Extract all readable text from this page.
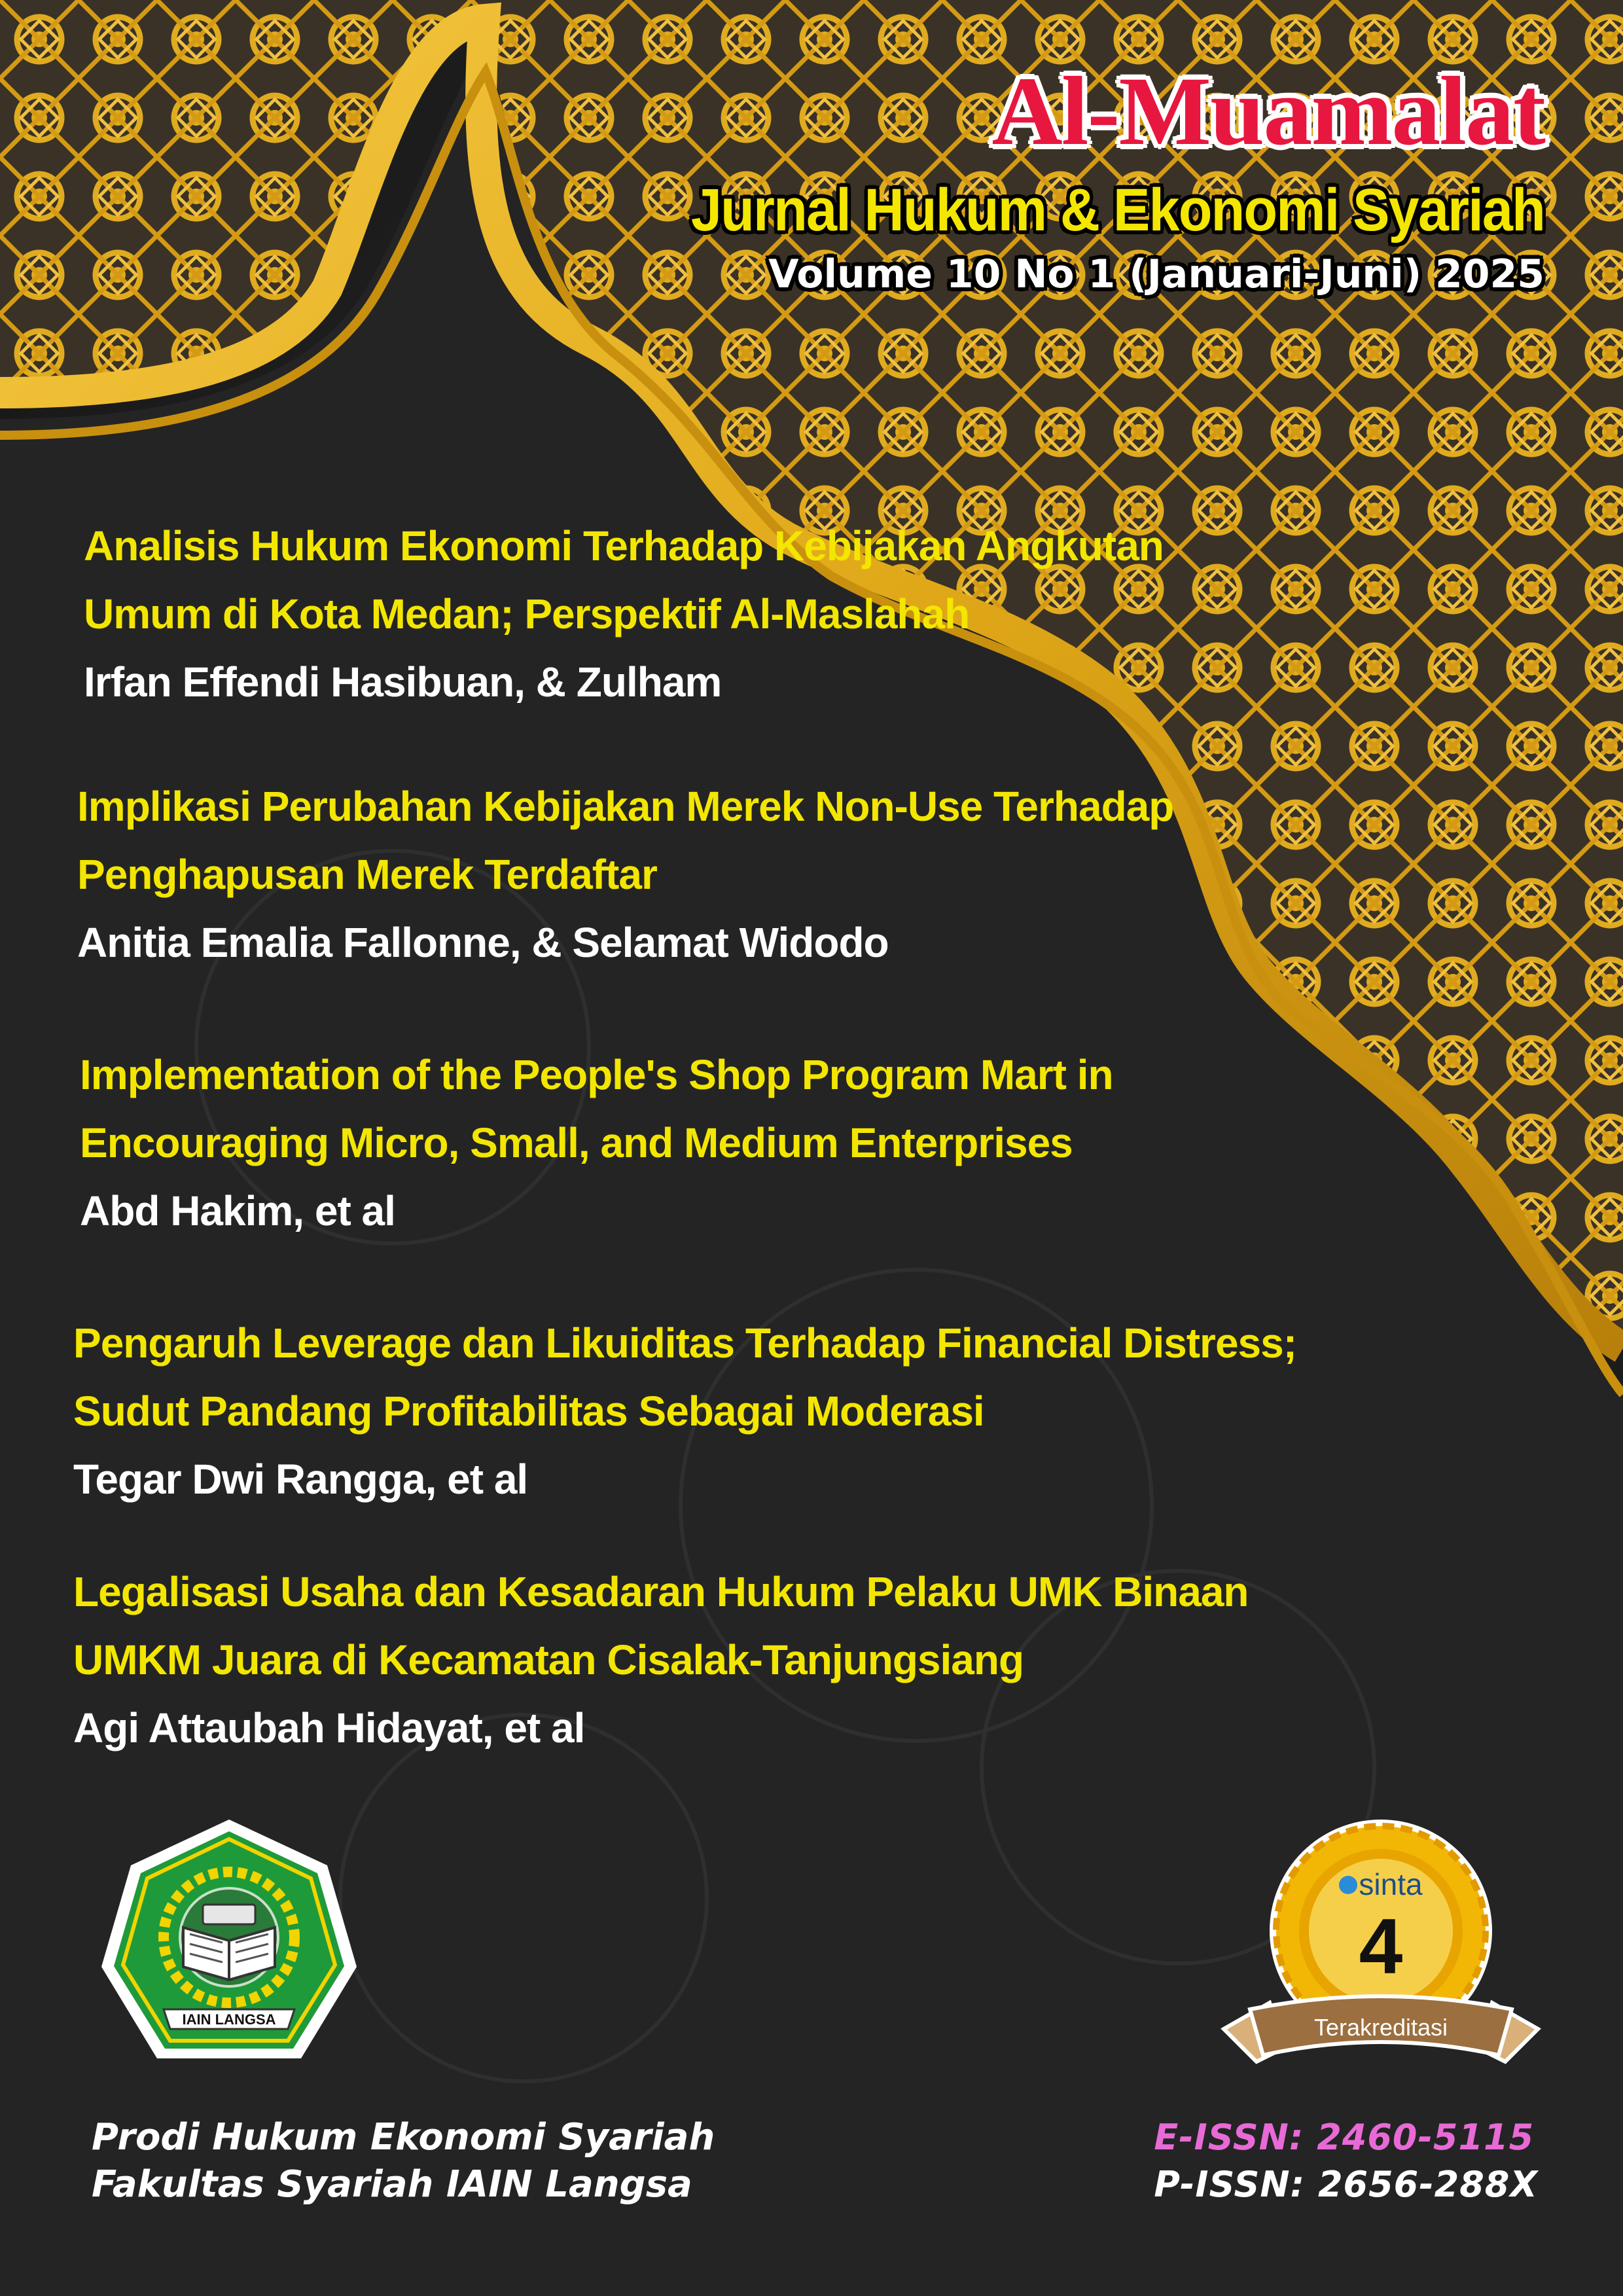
Al-Muamalat
Jurnal Hukum & Ekonomi Syariah
Volume 10 No 1 (Januari-Juni) 2025
Analisis Hukum Ekonomi Terhadap Kebijakan Angkutan
Umum di Kota Medan; Perspektif Al-Maslahah
Irfan Effendi Hasibuan, & Zulham
Implikasi Perubahan Kebijakan Merek Non-Use Terhadap
Penghapusan Merek Terdaftar
Anitia Emalia Fallonne, & Selamat Widodo
Implementation of the People's Shop Program Mart in
Encouraging Micro, Small, and Medium Enterprises
Abd Hakim, et al
Pengaruh Leverage dan Likuiditas Terhadap Financial Distress;
Sudut Pandang Profitabilitas Sebagai Moderasi
Tegar Dwi Rangga, et al
Legalisasi Usaha dan Kesadaran Hukum Pelaku UMK Binaan
UMKM Juara di Kecamatan Cisalak-Tanjungsiang
Agi Attaubah Hidayat, et al
IAIN LANGSA
sinta
4
Terakreditasi
Prodi Hukum Ekonomi Syariah
Fakultas Syariah IAIN Langsa
E-ISSN: 2460-5115
P-ISSN: 2656-288X
